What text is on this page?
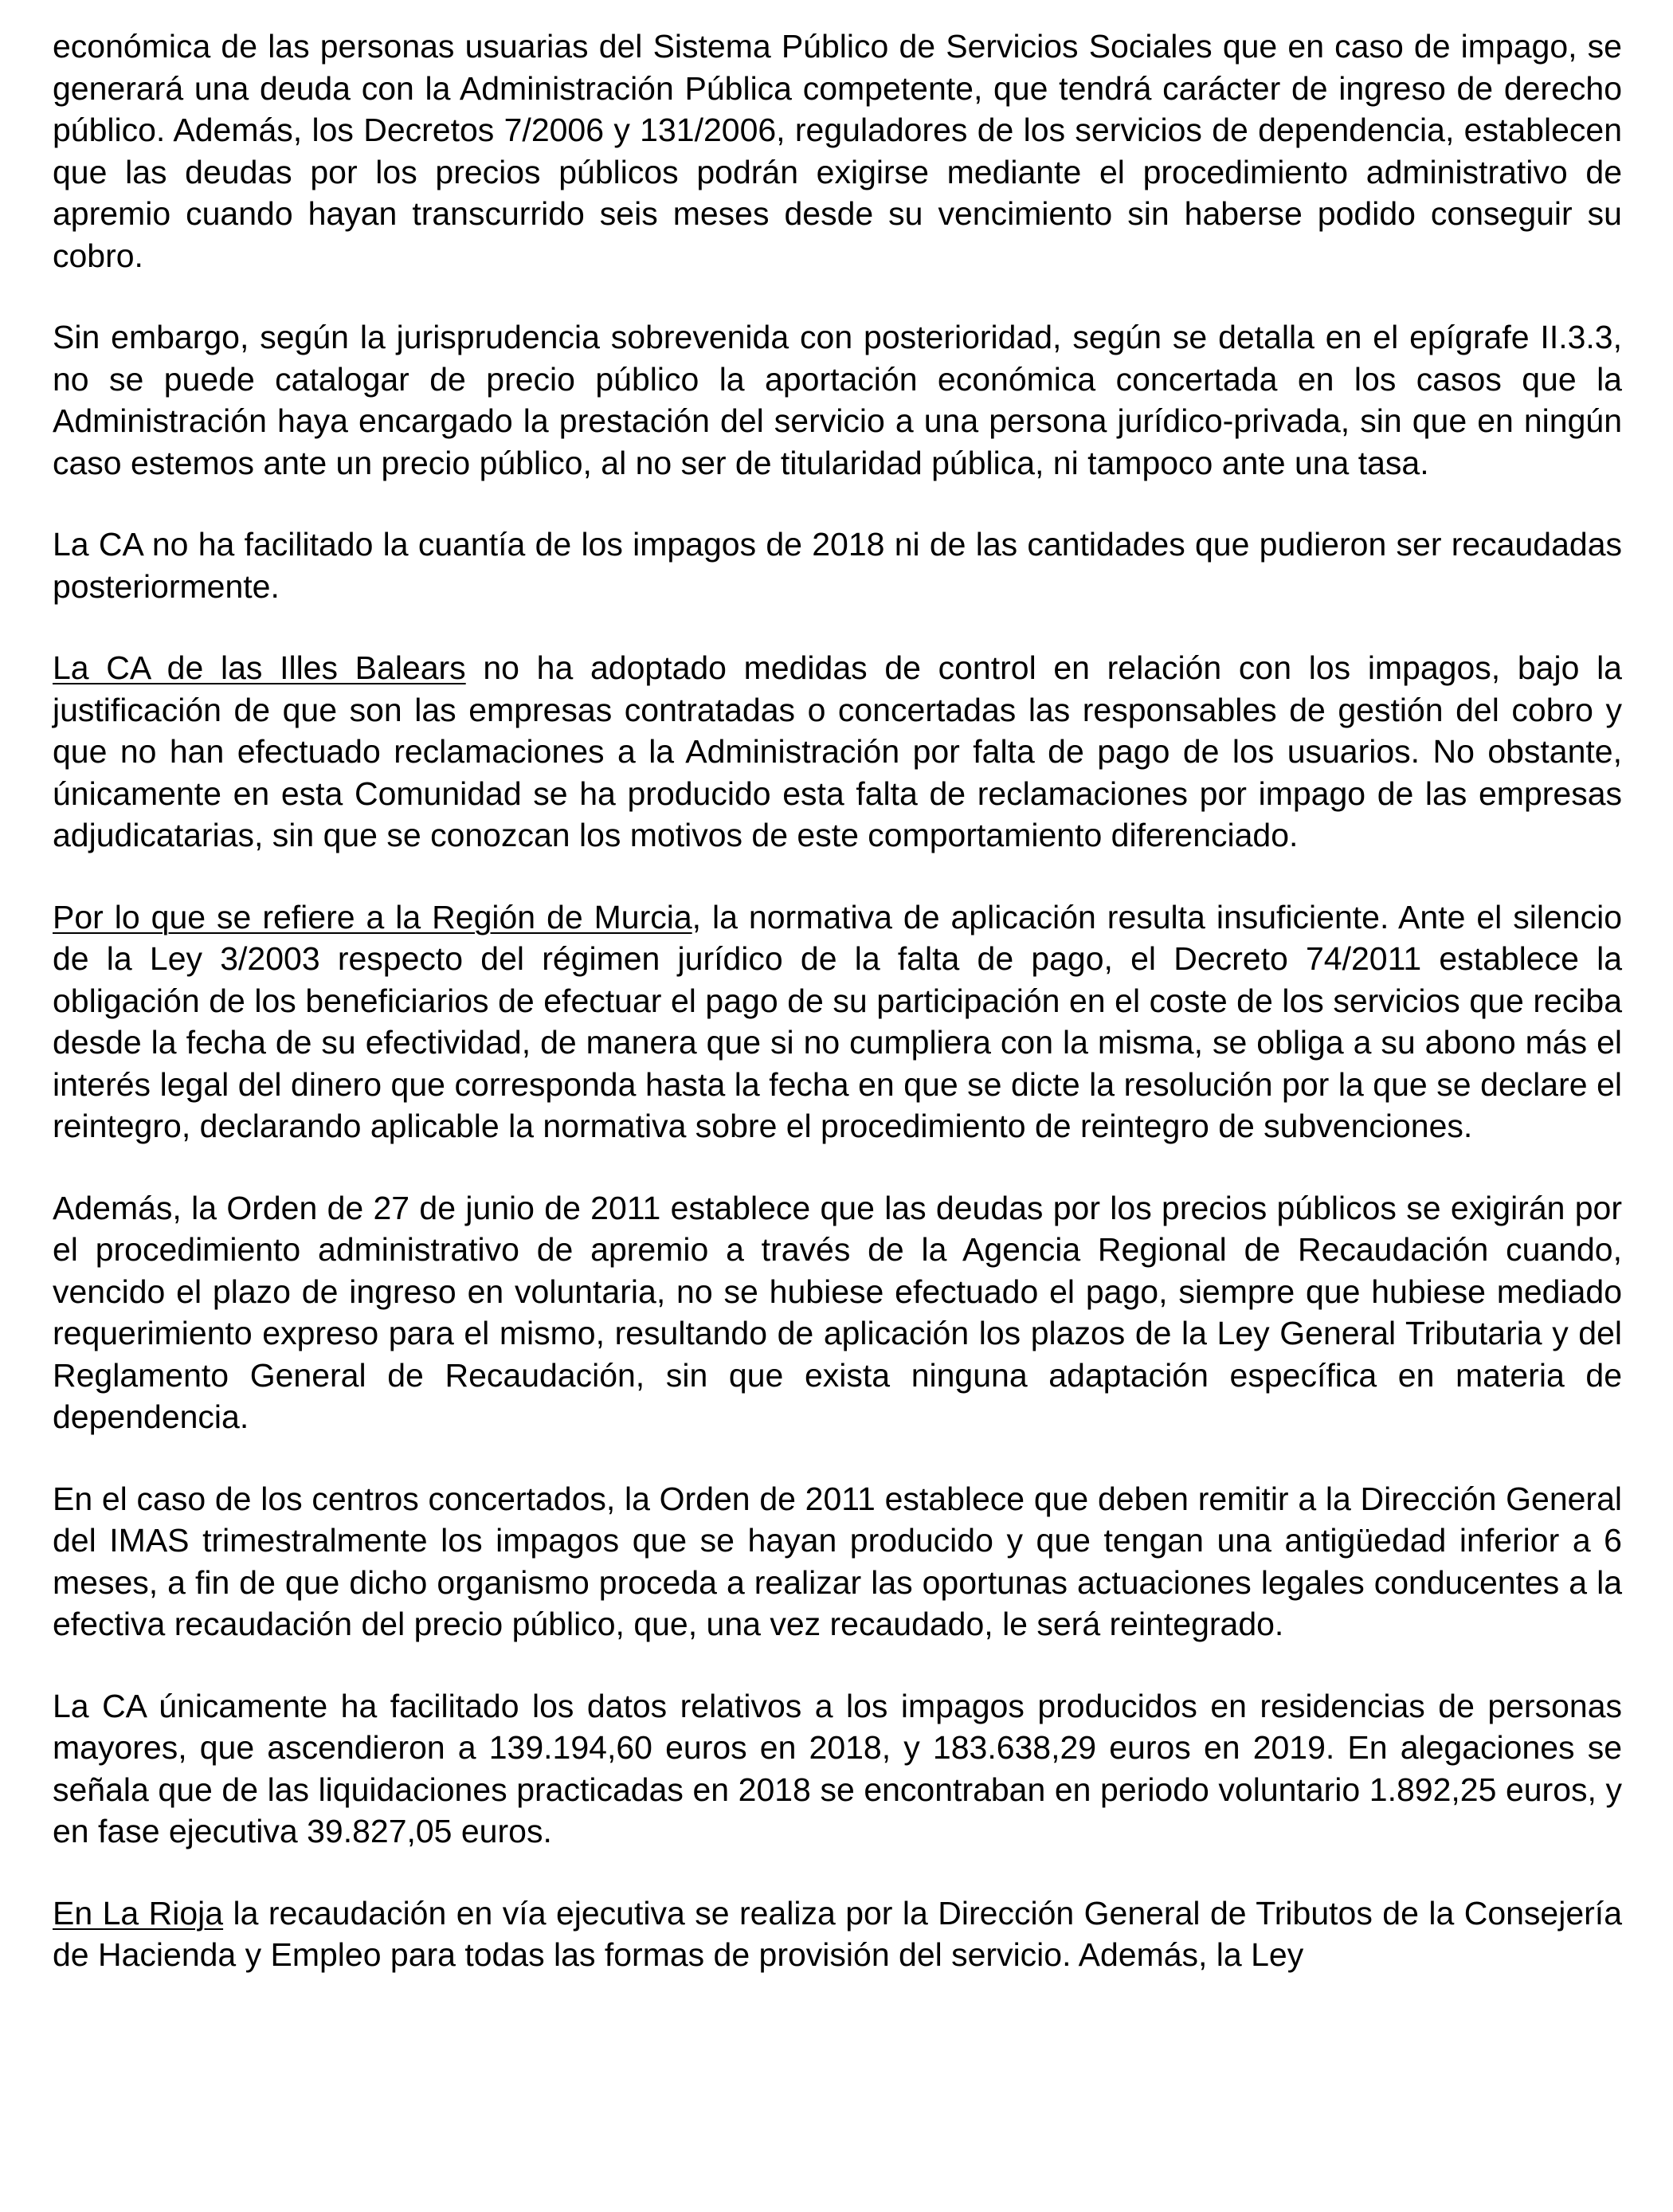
económica de las personas usuarias del Sistema Público de Servicios Sociales que en caso de impago, se generará una deuda con la Administración Pública competente, que tendrá carácter de ingreso de derecho público. Además, los Decretos 7/2006 y 131/2006, reguladores de los servicios de dependencia, establecen que las deudas por los precios públicos podrán exigirse mediante el procedimiento administrativo de apremio cuando hayan transcurrido seis meses desde su vencimiento sin haberse podido conseguir su cobro.

Sin embargo, según la jurisprudencia sobrevenida con posterioridad, según se detalla en el epígrafe II.3.3, no se puede catalogar de precio público la aportación económica concertada en los casos que la Administración haya encargado la prestación del servicio a una persona jurídico-privada, sin que en ningún caso estemos ante un precio público, al no ser de titularidad pública, ni tampoco ante una tasa.

La CA no ha facilitado la cuantía de los impagos de 2018 ni de las cantidades que pudieron ser recaudadas posteriormente.

La CA de las Illes Balears no ha adoptado medidas de control en relación con los impagos, bajo la justificación de que son las empresas contratadas o concertadas las responsables de gestión del cobro y que no han efectuado reclamaciones a la Administración por falta de pago de los usuarios. No obstante, únicamente en esta Comunidad se ha producido esta falta de reclamaciones por impago de las empresas adjudicatarias, sin que se conozcan los motivos de este comportamiento diferenciado.

Por lo que se refiere a la Región de Murcia, la normativa de aplicación resulta insuficiente. Ante el silencio de la Ley 3/2003 respecto del régimen jurídico de la falta de pago, el Decreto 74/2011 establece la obligación de los beneficiarios de efectuar el pago de su participación en el coste de los servicios que reciba desde la fecha de su efectividad, de manera que si no cumpliera con la misma, se obliga a su abono más el interés legal del dinero que corresponda hasta la fecha en que se dicte la resolución por la que se declare el reintegro, declarando aplicable la normativa sobre el procedimiento de reintegro de subvenciones.

Además, la Orden de 27 de junio de 2011 establece que las deudas por los precios públicos se exigirán por el procedimiento administrativo de apremio a través de la Agencia Regional de Recaudación cuando, vencido el plazo de ingreso en voluntaria, no se hubiese efectuado el pago, siempre que hubiese mediado requerimiento expreso para el mismo, resultando de aplicación los plazos de la Ley General Tributaria y del Reglamento General de Recaudación, sin que exista ninguna adaptación específica en materia de dependencia.

En el caso de los centros concertados, la Orden de 2011 establece que deben remitir a la Dirección General del IMAS trimestralmente los impagos que se hayan producido y que tengan una antigüedad inferior a 6 meses, a fin de que dicho organismo proceda a realizar las oportunas actuaciones legales conducentes a la efectiva recaudación del precio público, que, una vez recaudado, le será reintegrado.

La CA únicamente ha facilitado los datos relativos a los impagos producidos en residencias de personas mayores, que ascendieron a 139.194,60 euros en 2018, y 183.638,29 euros en 2019. En alegaciones se señala que de las liquidaciones practicadas en 2018 se encontraban en periodo voluntario 1.892,25 euros, y en fase ejecutiva 39.827,05 euros.

En La Rioja la recaudación en vía ejecutiva se realiza por la Dirección General de Tributos de la Consejería de Hacienda y Empleo para todas las formas de provisión del servicio. Además, la Ley
